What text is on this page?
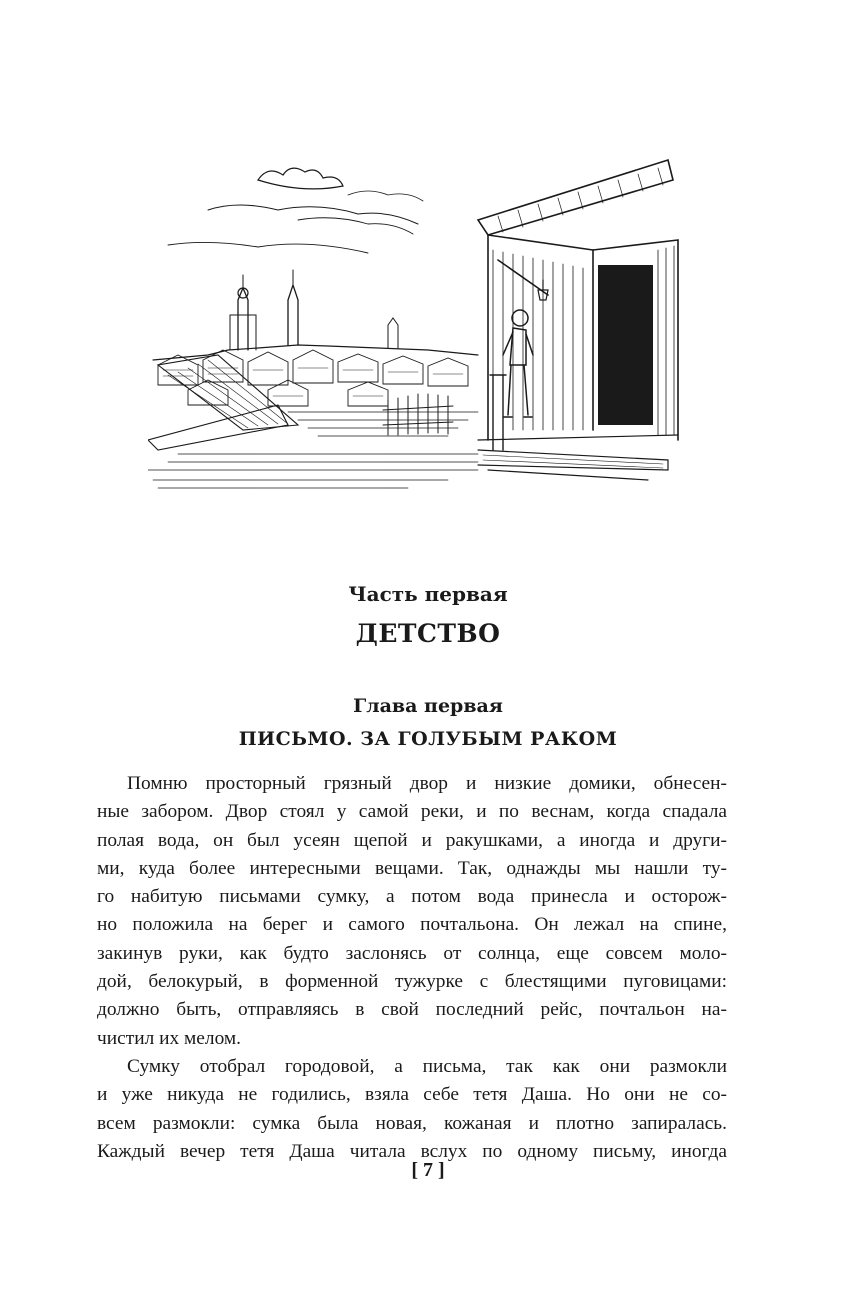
Часть первая
ДЕТСТВО
Глава первая
ПИСЬМО. ЗА ГОЛУБЫМ РАКОМ
Помню просторный грязный двор и низкие домики, обнесен-
ные забором. Двор стоял у самой реки, и по веснам, когда спадала
полая вода, он был усеян щепой и ракушками, а иногда и други-
ми, куда более интересными вещами. Так, однажды мы нашли ту-
го набитую письмами сумку, а потом вода принесла и осторож-
но положила на берег и самого почтальона. Он лежал на спине,
закинув руки, как будто заслонясь от солнца, еще совсем моло-
дой, белокурый, в форменной тужурке с блестящими пуговицами:
должно быть, отправляясь в свой последний рейс, почтальон на-
чистил их мелом.
Сумку отобрал городовой, а письма, так как они размокли
и уже никуда не годились, взяла себе тетя Даша. Но они не со-
всем размокли: сумка была новая, кожаная и плотно запиралась.
Каждый вечер тетя Даша читала вслух по одному письму, иногда
[ 7 ]
